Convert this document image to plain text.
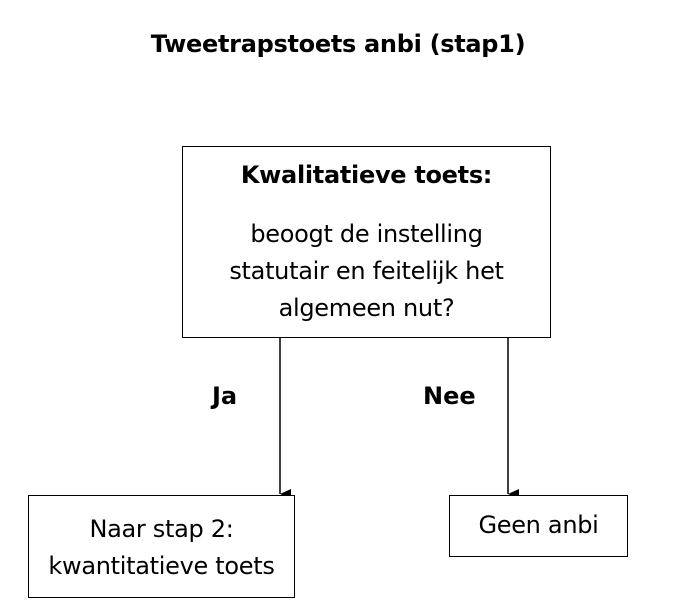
Tweetrapstoets anbi (stap1)
Kwalitatieve toets:
beoogt de instelling
statutair en feitelijk het
algemeen nut?
Ja	Nee
Naar stap 2:
kwantitatieve toets
Geen anbi
